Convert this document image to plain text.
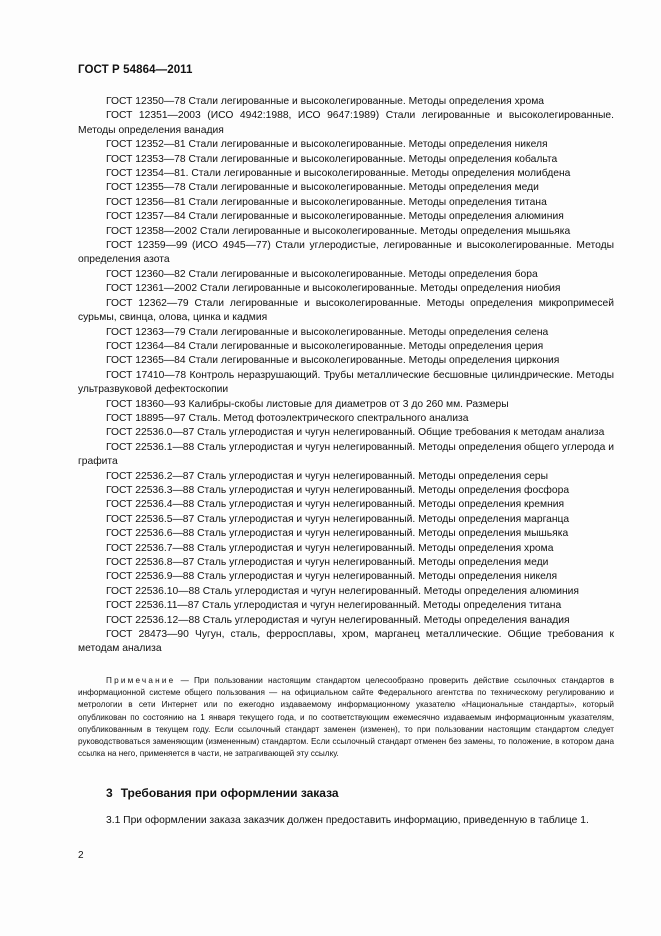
ГОСТ Р 54864—2011

ГОСТ 12350—78 Стали легированные и высоколегированные. Методы определения хрома

ГОСТ 12351—2003 (ИСО 4942:1988, ИСО 9647:1989) Стали легированные и высоколегированные. Методы определения ванадия

ГОСТ 12352—81 Стали легированные и высоколегированные. Методы определения никеля

ГОСТ 12353—78 Стали легированные и высоколегированные. Методы определения кобальта

ГОСТ 12354—81. Стали легированные и высоколегированные. Методы определения молибдена

ГОСТ 12355—78 Стали легированные и высоколегированные. Методы определения меди

ГОСТ 12356—81 Стали легированные и высоколегированные. Методы определения титана

ГОСТ 12357—84 Стали легированные и высоколегированные. Методы определения алюминия

ГОСТ 12358—2002 Стали легированные и высоколегированные. Методы определения мышьяка

ГОСТ 12359—99 (ИСО 4945—77) Стали углеродистые, легированные и высоколегированные. Методы определения азота

ГОСТ 12360—82 Стали легированные и высоколегированные. Методы определения бора

ГОСТ 12361—2002 Стали легированные и высоколегированные. Методы определения ниобия

ГОСТ 12362—79 Стали легированные и высоколегированные. Методы определения микропримесей сурьмы, свинца, олова, цинка и кадмия

ГОСТ 12363—79 Стали легированные и высоколегированные. Методы определения селена

ГОСТ 12364—84 Стали легированные и высоколегированные. Методы определения церия

ГОСТ 12365—84 Стали легированные и высоколегированные. Методы определения циркония

ГОСТ 17410—78 Контроль неразрушающий. Трубы металлические бесшовные цилиндрические. Методы ультразвуковой дефектоскопии

ГОСТ 18360—93 Калибры-скобы листовые для диаметров от 3 до 260 мм. Размеры

ГОСТ 18895—97 Сталь. Метод фотоэлектрического спектрального анализа

ГОСТ 22536.0—87 Сталь углеродистая и чугун нелегированный. Общие требования к методам анализа

ГОСТ 22536.1—88 Сталь углеродистая и чугун нелегированный. Методы определения общего углерода и графита

ГОСТ 22536.2—87 Сталь углеродистая и чугун нелегированный. Методы определения серы

ГОСТ 22536.3—88 Сталь углеродистая и чугун нелегированный. Методы определения фосфора

ГОСТ 22536.4—88 Сталь углеродистая и чугун нелегированный. Методы определения кремния

ГОСТ 22536.5—87 Сталь углеродистая и чугун нелегированный. Методы определения марганца

ГОСТ 22536.6—88 Сталь углеродистая и чугун нелегированный. Методы определения мышьяка

ГОСТ 22536.7—88 Сталь углеродистая и чугун нелегированный. Методы определения хрома

ГОСТ 22536.8—87 Сталь углеродистая и чугун нелегированный. Методы определения меди

ГОСТ 22536.9—88 Сталь углеродистая и чугун нелегированный. Методы определения никеля

ГОСТ 22536.10—88 Сталь углеродистая и чугун нелегированный. Методы определения алюминия

ГОСТ 22536.11—87 Сталь углеродистая и чугун нелегированный. Методы определения титана

ГОСТ 22536.12—88 Сталь углеродистая и чугун нелегированный. Методы определения ванадия

ГОСТ 28473—90 Чугун, сталь, ферросплавы, хром, марганец металлические. Общие требования к методам анализа

Примечание — При пользовании настоящим стандартом целесообразно проверить действие ссылочных стандартов в информационной системе общего пользования — на официальном сайте Федерального агентства по техническому регулированию и метрологии в сети Интернет или по ежегодно издаваемому информационному указателю «Национальные стандарты», который опубликован по состоянию на 1 января текущего года, и по соответствующим ежемесячно издаваемым информационным указателям, опубликованным в текущем году. Если ссылочный стандарт заменен (изменен), то при пользовании настоящим стандартом следует руководствоваться заменяющим (измененным) стандартом. Если ссылочный стандарт отменен без замены, то положение, в котором дана ссылка на него, применяется в части, не затрагивающей эту ссылку.

3 Требования при оформлении заказа

3.1 При оформлении заказа заказчик должен предоставить информацию, приведенную в таблице 1.

2
